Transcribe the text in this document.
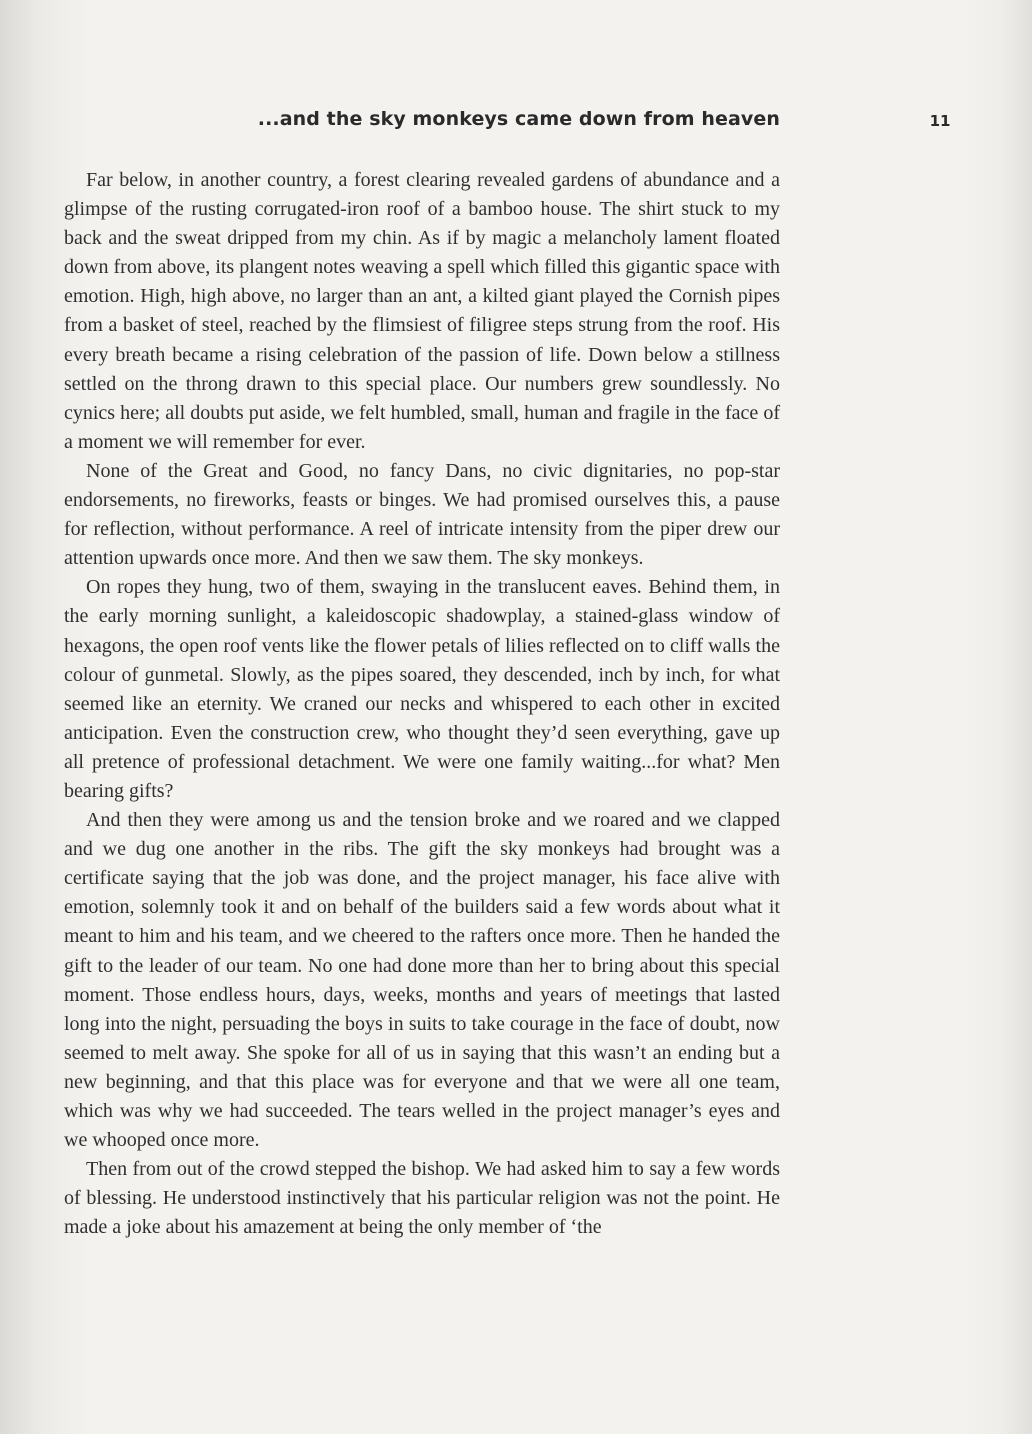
...and the sky monkeys came down from heaven	11

Far below, in another country, a forest clearing revealed gardens of abundance and a glimpse of the rusting corrugated-iron roof of a bamboo house. The shirt stuck to my back and the sweat dripped from my chin. As if by magic a melancholy lament floated down from above, its plangent notes weaving a spell which filled this gigantic space with emotion. High, high above, no larger than an ant, a kilted giant played the Cornish pipes from a basket of steel, reached by the flimsiest of filigree steps strung from the roof. His every breath became a rising celebration of the passion of life. Down below a stillness settled on the throng drawn to this special place. Our numbers grew soundlessly. No cynics here; all doubts put aside, we felt humbled, small, human and fragile in the face of a moment we will remember for ever.

None of the Great and Good, no fancy Dans, no civic dignitaries, no pop-star endorsements, no fireworks, feasts or binges. We had promised ourselves this, a pause for reflection, without performance. A reel of intricate intensity from the piper drew our attention upwards once more. And then we saw them. The sky monkeys.

On ropes they hung, two of them, swaying in the translucent eaves. Behind them, in the early morning sunlight, a kaleidoscopic shadowplay, a stained-glass window of hexagons, the open roof vents like the flower petals of lilies reflected on to cliff walls the colour of gunmetal. Slowly, as the pipes soared, they descended, inch by inch, for what seemed like an eternity. We craned our necks and whispered to each other in excited anticipation. Even the construction crew, who thought they’d seen everything, gave up all pretence of professional detachment. We were one family waiting...for what? Men bearing gifts?

And then they were among us and the tension broke and we roared and we clapped and we dug one another in the ribs. The gift the sky monkeys had brought was a certificate saying that the job was done, and the project manager, his face alive with emotion, solemnly took it and on behalf of the builders said a few words about what it meant to him and his team, and we cheered to the rafters once more. Then he handed the gift to the leader of our team. No one had done more than her to bring about this special moment. Those endless hours, days, weeks, months and years of meetings that lasted long into the night, persuading the boys in suits to take courage in the face of doubt, now seemed to melt away. She spoke for all of us in saying that this wasn’t an ending but a new beginning, and that this place was for everyone and that we were all one team, which was why we had succeeded. The tears welled in the project manager’s eyes and we whooped once more.

Then from out of the crowd stepped the bishop. We had asked him to say a few words of blessing. He understood instinctively that his particular religion was not the point. He made a joke about his amazement at being the only member of ‘the
